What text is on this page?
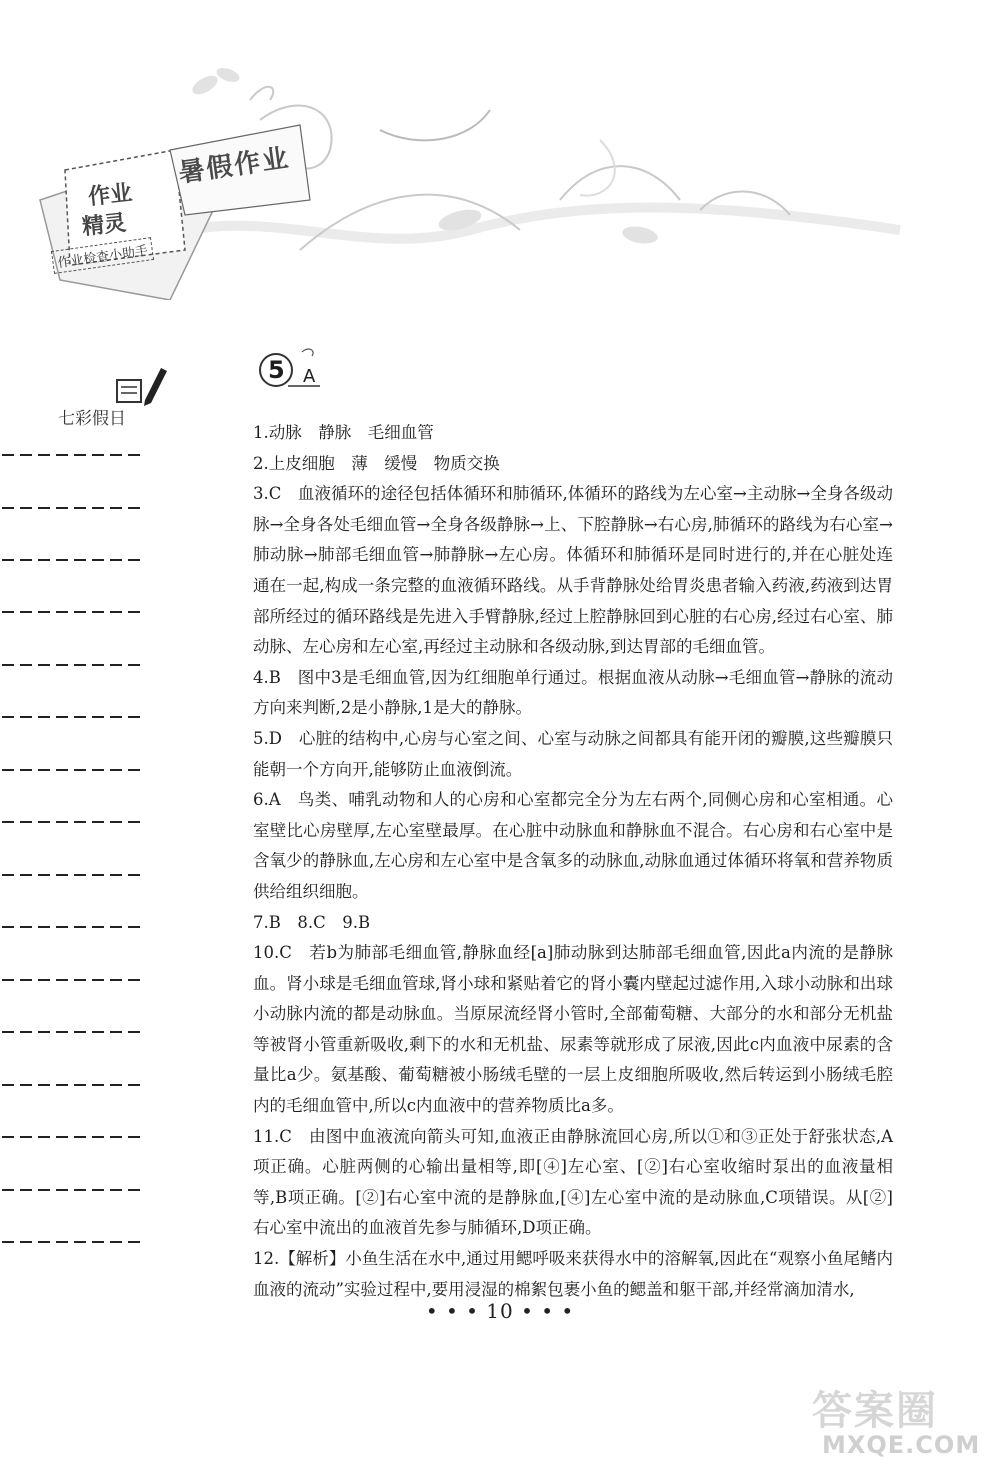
暑假作业
作业
精灵
作业检查小助手
七彩假日
5 A

1.动脉　静脉　毛细血管

2.上皮细胞　薄　缓慢　物质交换

3.C　血液循环的途径包括体循环和肺循环,体循环的路线为左心室→主动脉→全身各级动脉→全身各处毛细血管→全身各级静脉→上、下腔静脉→右心房,肺循环的路线为右心室→肺动脉→肺部毛细血管→肺静脉→左心房。体循环和肺循环是同时进行的,并在心脏处连通在一起,构成一条完整的血液循环路线。从手背静脉处给胃炎患者输入药液,药液到达胃部所经过的循环路线是先进入手臂静脉,经过上腔静脉回到心脏的右心房,经过右心室、肺动脉、左心房和左心室,再经过主动脉和各级动脉,到达胃部的毛细血管。

4.B　图中3是毛细血管,因为红细胞单行通过。根据血液从动脉→毛细血管→静脉的流动方向来判断,2是小静脉,1是大的静脉。

5.D　心脏的结构中,心房与心室之间、心室与动脉之间都具有能开闭的瓣膜,这些瓣膜只能朝一个方向开,能够防止血液倒流。

6.A　鸟类、哺乳动物和人的心房和心室都完全分为左右两个,同侧心房和心室相通。心室壁比心房壁厚,左心室壁最厚。在心脏中动脉血和静脉血不混合。右心房和右心室中是含氧少的静脉血,左心房和左心室中是含氧多的动脉血,动脉血通过体循环将氧和营养物质供给组织细胞。

7.B　8.C　9.B

10.C　若b为肺部毛细血管,静脉血经[a]肺动脉到达肺部毛细血管,因此a内流的是静脉血。肾小球是毛细血管球,肾小球和紧贴着它的肾小囊内壁起过滤作用,入球小动脉和出球小动脉内流的都是动脉血。当原尿流经肾小管时,全部葡萄糖、大部分的水和部分无机盐等被肾小管重新吸收,剩下的水和无机盐、尿素等就形成了尿液,因此c内血液中尿素的含量比a少。氨基酸、葡萄糖被小肠绒毛壁的一层上皮细胞所吸收,然后转运到小肠绒毛腔内的毛细血管中,所以c内血液中的营养物质比a多。

11.C　由图中血液流向箭头可知,血液正由静脉流回心房,所以①和③正处于舒张状态,A项正确。心脏两侧的心输出量相等,即[④]左心室、[②]右心室收缩时泵出的血液量相等,B项正确。[②]右心室中流的是静脉血,[④]左心室中流的是动脉血,C项错误。从[②]右心室中流出的血液首先参与肺循环,D项正确。

12.【解析】小鱼生活在水中,通过用鳃呼吸来获得水中的溶解氧,因此在“观察小鱼尾鳍内血液的流动”实验过程中,要用浸湿的棉絮包裹小鱼的鳃盖和躯干部,并经常滴加清水,

• • • 10 • • •
答案圈
MXQE.COM
